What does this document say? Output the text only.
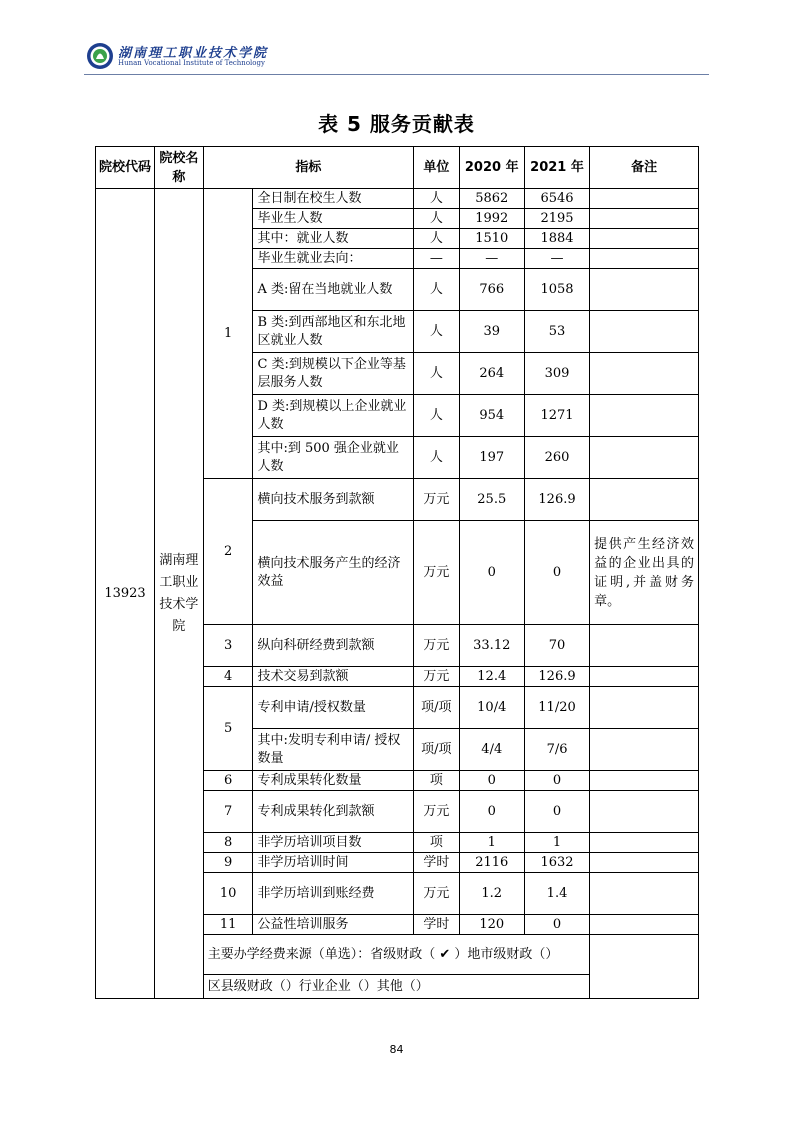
湖南理工职业技术学院
Hunan Vocational Institute of Technology
表 5 服务贡献表
院校代码	院校名称	指标		单位	2020 年	2021 年	备注
13923	湖南理工职业技术学院	1	全日制在校生人数	人	5862	6546	
			毕业生人数	人	1992	2195	
			其中：就业人数	人	1510	1884	
			毕业生就业去向：	—	—	—	
			A 类:留在当地就业人数	人	766	1058	
			B 类:到西部地区和东北地区就业人数	人	39	53	
			C 类:到规模以下企业等基层服务人数	人	264	309	
			D 类:到规模以上企业就业人数	人	954	1271	
			其中:到 500 强企业就业人数	人	197	260	
		2	横向技术服务到款额	万元	25.5	126.9	
			横向技术服务产生的经济效益	万元	0	0	提供产生经济效益的企业出具的证明,并盖财务章。
		3	纵向科研经费到款额	万元	33.12	70	
		4	技术交易到款额	万元	12.4	126.9	
		5	专利申请/授权数量	项/项	10/4	11/20	
			其中:发明专利申请/ 授权数量	项/项	4/4	7/6	
		6	专利成果转化数量	项	0	0	
		7	专利成果转化到款额	万元	0	0	
		8	非学历培训项目数	项	1	1	
		9	非学历培训时间	学时	2116	1632	
		10	非学历培训到账经费	万元	1.2	1.4	
		11	公益性培训服务	学时	120	0	
		主要办学经费来源（单选）：省级财政（ ✔ ）地市级财政（）					
		区县级财政（）行业企业（）其他（）					
84
